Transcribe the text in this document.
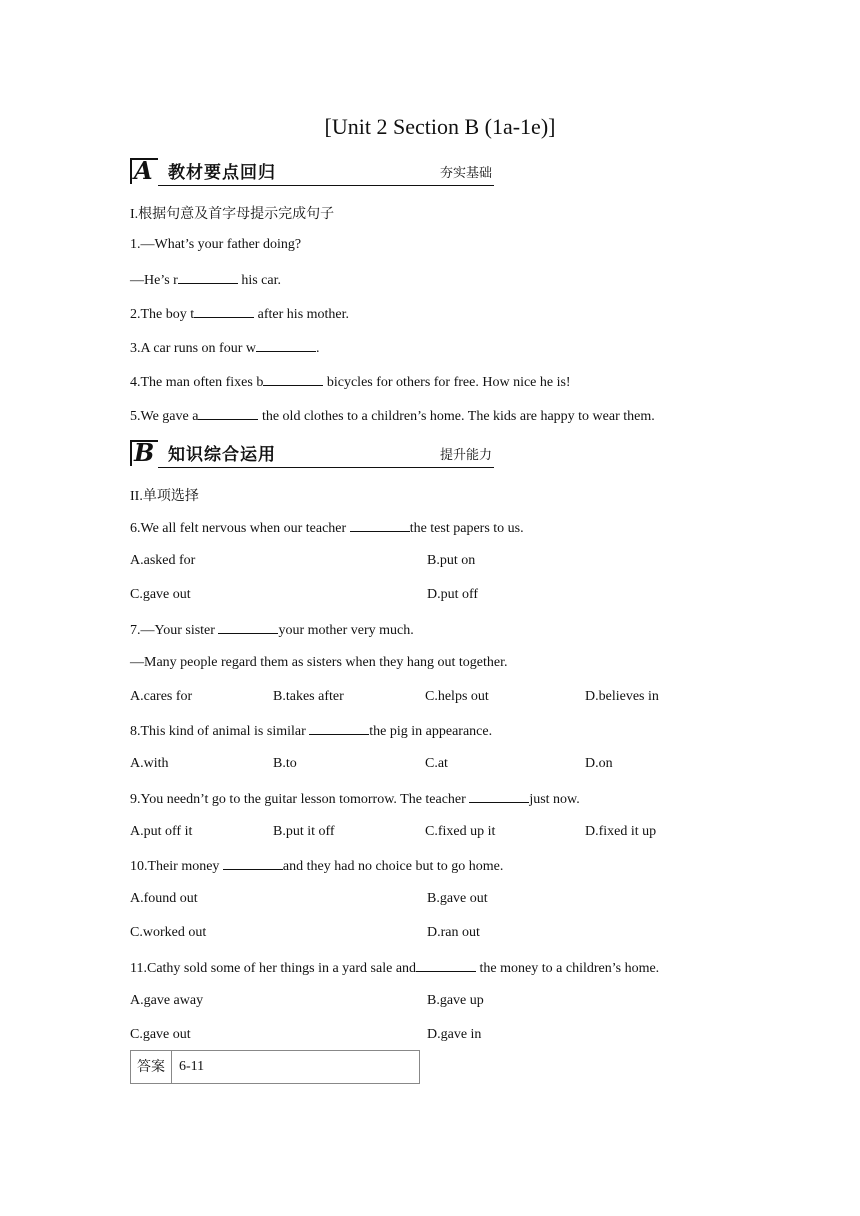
[Unit 2 Section B (1a-1e)]
A 教材要点回归	夯实基础
I.根据句意及首字母提示完成句子
1.—What’s your father doing?
—He’s r	his car.
2.The boy t	after his mother.
3.A car runs on four w	.
4.The man often fixes b	bicycles for others for free. How nice he is!
5.We gave a	the old clothes to a children’s home. The kids are happy to wear them.
B 知识综合运用	提升能力
II.单项选择
6.We all felt nervous when our teacher	the test papers to us.
A.asked for	B.put on
C.gave out	D.put off
7.—Your sister	your mother very much.
—Many people regard them as sisters when they hang out together.
A.cares for	B.takes after	C.helps out	D.believes in
8.This kind of animal is similar	the pig in appearance.
A.with	B.to	C.at	D.on
9.You needn’t go to the guitar lesson tomorrow. The teacher	just now.
A.put off it	B.put it off	C.fixed up it	D.fixed it up
10.Their money	and they had no choice but to go home.
A.found out	B.gave out
C.worked out	D.ran out
11.Cathy sold some of her things in a yard sale and	the money to a children’s home.
A.gave away	B.gave up
C.gave out	D.gave in
答案	6-11
